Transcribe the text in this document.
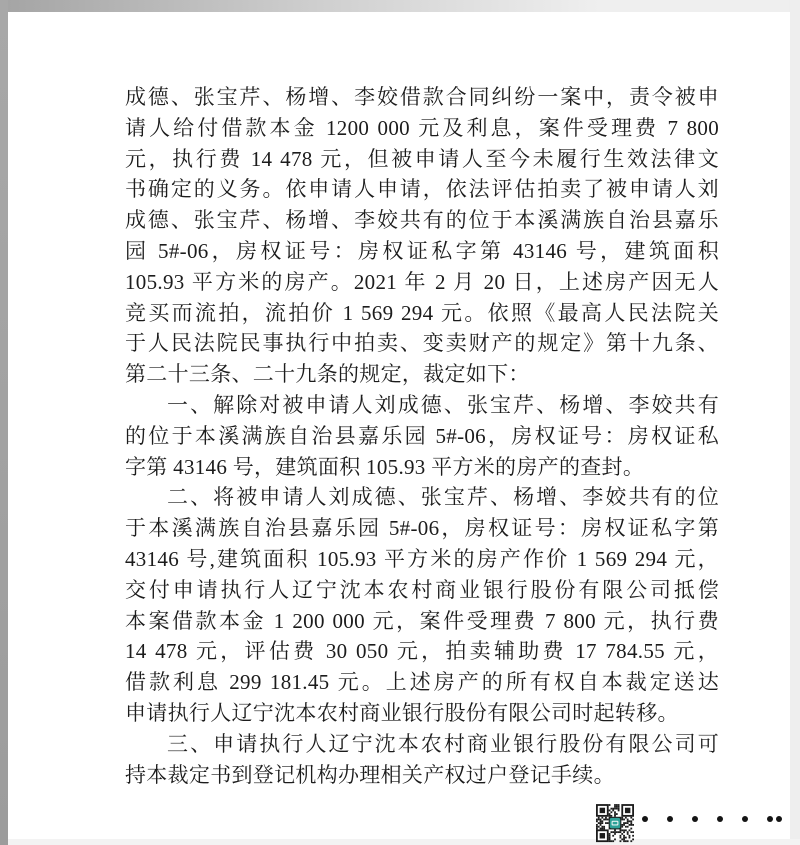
成德、张宝芹、杨增、李姣借款合同纠纷一案中，责令被申
请人给付借款本金 1200 000 元及利息，案件受理费 7 800
元，执行费 14 478 元，但被申请人至今未履行生效法律文
书确定的义务。依申请人申请，依法评估拍卖了被申请人刘
成德、张宝芹、杨增、李姣共有的位于本溪满族自治县嘉乐
园 5#-06，房权证号：房权证私字第 43146 号，建筑面积
105.93 平方米的房产。2021 年 2 月 20 日，上述房产因无人
竞买而流拍，流拍价 1 569 294 元。依照《最高人民法院关
于人民法院民事执行中拍卖、变卖财产的规定》第十九条、
第二十三条、二十九条的规定，裁定如下：
一、解除对被申请人刘成德、张宝芹、杨增、李姣共有
的位于本溪满族自治县嘉乐园 5#-06，房权证号：房权证私
字第 43146 号，建筑面积 105.93 平方米的房产的查封。
二、将被申请人刘成德、张宝芹、杨增、李姣共有的位
于本溪满族自治县嘉乐园 5#-06，房权证号：房权证私字第
43146 号,建筑面积 105.93 平方米的房产作价 1 569 294 元，
交付申请执行人辽宁沈本农村商业银行股份有限公司抵偿
本案借款本金 1 200 000 元，案件受理费 7 800 元，执行费
14 478 元，评估费 30 050 元，拍卖辅助费 17 784.55 元，
借款利息 299 181.45 元。上述房产的所有权自本裁定送达
申请执行人辽宁沈本农村商业银行股份有限公司时起转移。
三、申请执行人辽宁沈本农村商业银行股份有限公司可
持本裁定书到登记机构办理相关产权过户登记手续。
